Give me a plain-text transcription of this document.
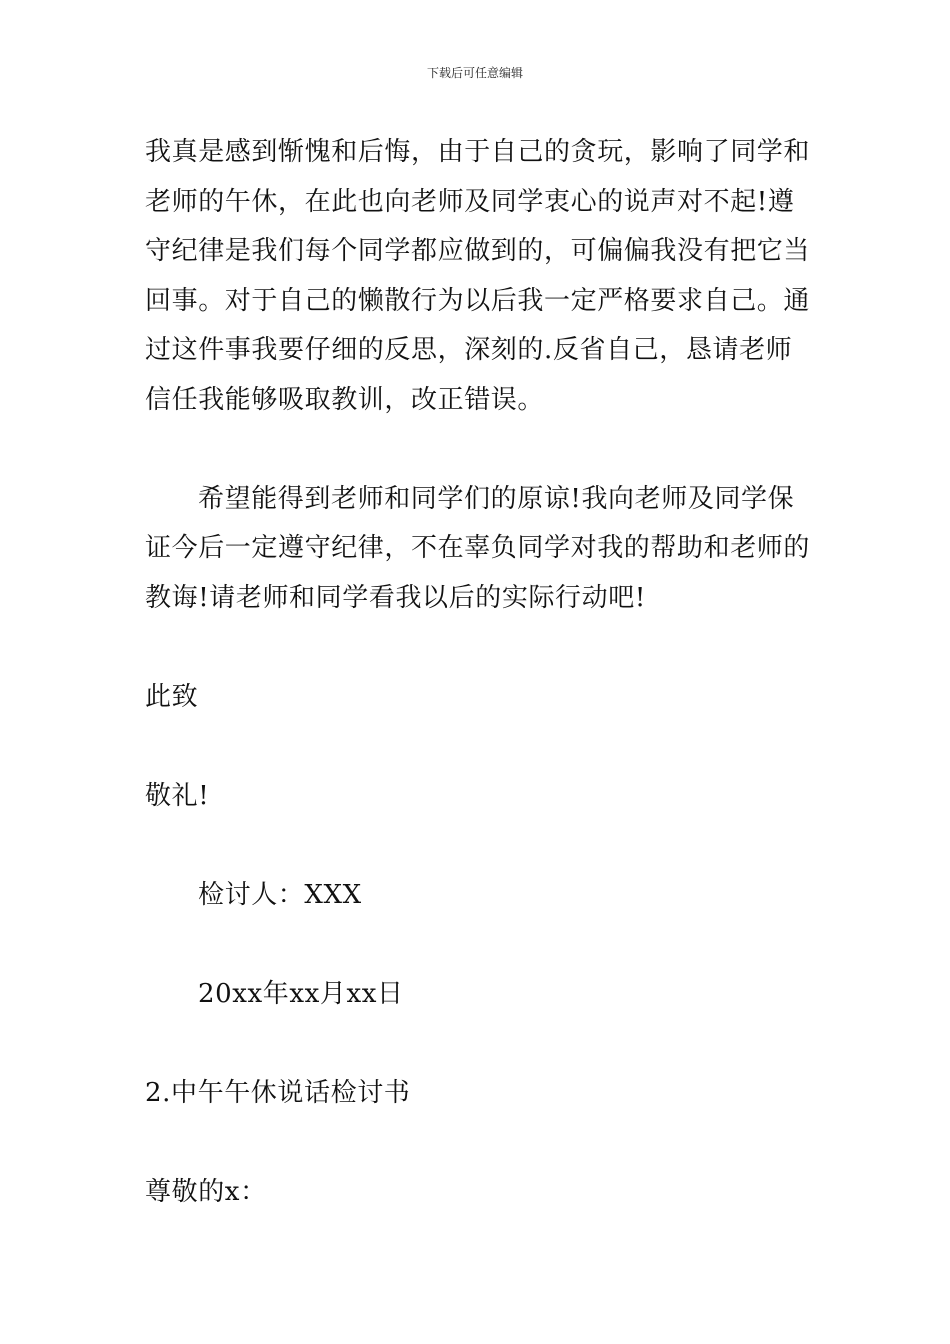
下载后可任意编辑

我真是感到惭愧和后悔，由于自己的贪玩，影响了同学和老师的午休，在此也向老师及同学衷心的说声对不起!遵守纪律是我们每个同学都应做到的，可偏偏我没有把它当回事。对于自己的懒散行为以后我一定严格要求自己。通过这件事我要仔细的反思，深刻的.反省自己，恳请老师信任我能够吸取教训，改正错误。

希望能得到老师和同学们的原谅!我向老师及同学保证今后一定遵守纪律，不在辜负同学对我的帮助和老师的教诲!请老师和同学看我以后的实际行动吧!

此致

敬礼!

检讨人：XXX

20xx年xx月xx日

2.中午午休说话检讨书

尊敬的x：
